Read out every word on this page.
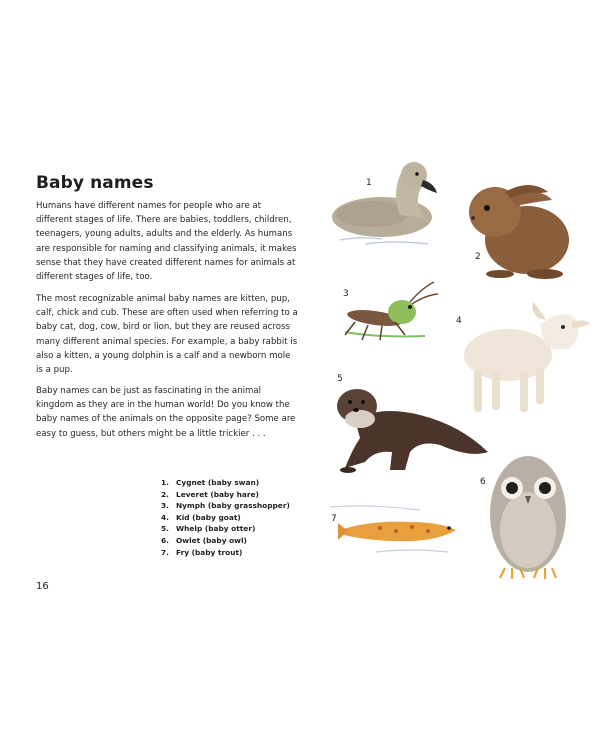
Baby names

Humans have different names for people who are at different stages of life. There are babies, toddlers, children, teenagers, young adults, adults and the elderly. As humans are responsible for naming and classifying animals, it makes sense that they have created different names for animals at different stages of life, too.

The most recognizable animal baby names are kitten, pup, calf, chick and cub. These are often used when referring to a baby cat, dog, cow, bird or lion, but they are reused across many different animal species. For example, a baby rabbit is also a kitten, a young dolphin is a calf and a newborn mole is a pup.

Baby names can be just as fascinating in the animal kingdom as they are in the human world! Do you know the baby names of the animals on the opposite page? Some are easy to guess, but others might be a little trickier . . .

1. Cygnet (baby swan)
2. Leveret (baby hare)
3. Nymph (baby grasshopper)
4. Kid (baby goat)
5. Whelp (baby otter)
6. Owlet (baby owl)
7. Fry (baby trout)
16
1
2
3
4
5
6
7
